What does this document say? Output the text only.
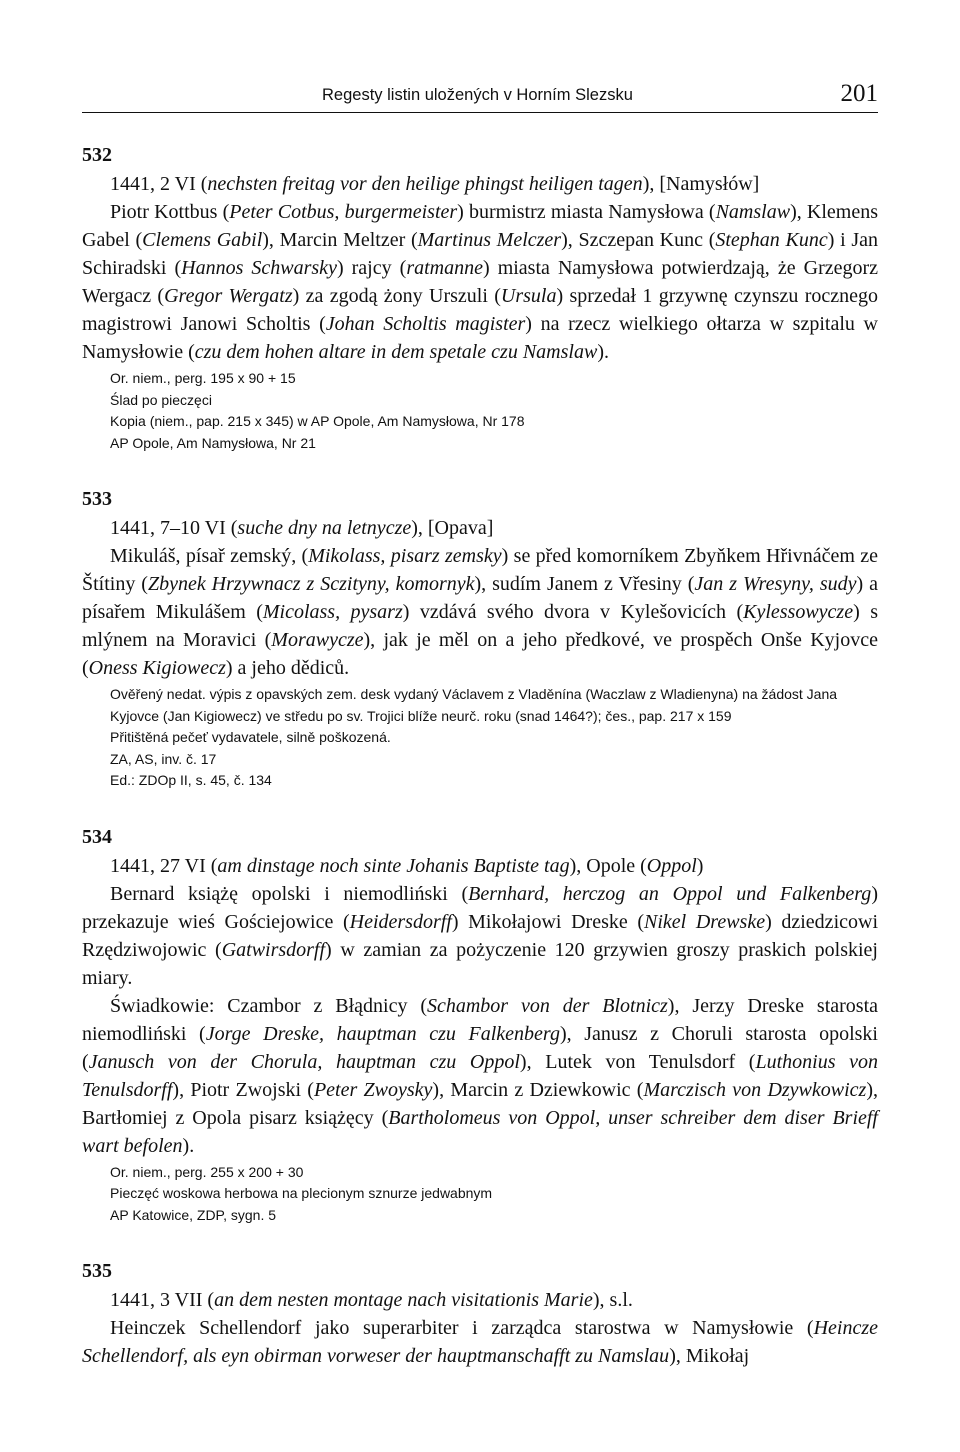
Regesty listin uložených v Horním Slezsku	201
532
1441, 2 VI (nechsten freitag vor den heilige phingst heiligen tagen), [Namysłów]

Piotr Kottbus (Peter Cotbus, burgermeister) burmistrz miasta Namysłowa (Namslaw), Klemens Gabel (Clemens Gabil), Marcin Meltzer (Martinus Melczer), Szczepan Kunc (Stephan Kunc) i Jan Schiradski (Hannos Schwarsky) rajcy (ratmanne) miasta Namysłowa potwierdzają, że Grzegorz Wergacz (Gregor Wergatz) za zgodą żony Urszuli (Ursula) sprzedał 1 grzywnę czynszu rocznego magistrowi Janowi Scholtis (Johan Scholtis magister) na rzecz wielkiego ołtarza w szpitalu w Namysłowie (czu dem hohen altare in dem spetale czu Namslaw).

Or. niem., perg. 195 x 90 + 15
Ślad po pieczęci
Kopia (niem., pap. 215 x 345) w AP Opole, Am Namysłowa, Nr 178
AP Opole, Am Namysłowa, Nr 21
533
1441, 7–10 VI (suche dny na letnycze), [Opava]

Mikuláš, písař zemský, (Mikolass, pisarz zemsky) se před komorníkem Zbyňkem Hřivnáčem ze Štítiny (Zbynek Hrzywnacz z Sczityny, komornyk), sudím Janem z Vřesiny (Jan z Wresyny, sudy) a písařem Mikulášem (Micolass, pysarz) vzdává svého dvora v Kylešovicích (Kylessowycze) s mlýnem na Moravici (Morawycze), jak je měl on a jeho předkové, ve prospěch Onše Kyjovce (Oness Kigiowecz) a jeho dědiců.

Ověřený nedat. výpis z opavských zem. desk vydaný Václavem z Vladěnína (Waczlaw z Wladienyna) na žádost Jana Kyjovce (Jan Kigiowecz) ve středu po sv. Trojici blíže neurč. roku (snad 1464?); čes., pap. 217 x 159
Přitištěná pečeť vydavatele, silně poškozená.
ZA, AS, inv. č. 17
Ed.: ZDOp II, s. 45, č. 134
534
1441, 27 VI (am dinstage noch sinte Johanis Baptiste tag), Opole (Oppol)

Bernard książę opolski i niemodliński (Bernhard, herczog an Oppol und Falkenberg) przekazuje wieś Gościejowice (Heidersdorff) Mikołajowi Dreske (Nikel Drewske) dziedzicowi Rzędziwojowic (Gatwirsdorff) w zamian za pożyczenie 120 grzywien groszy praskich polskiej miary.

Świadkowie: Czambor z Błądnicy (Schambor von der Blotnicz), Jerzy Dreske starosta niemodliński (Jorge Dreske, hauptman czu Falkenberg), Janusz z Choruli starosta opolski (Janusch von der Chorula, hauptman czu Oppol), Lutek von Tenulsdorf (Luthonius von Tenulsdorff), Piotr Zwojski (Peter Zwoysky), Marcin z Dziewkowic (Marczisch von Dzywkowicz), Bartłomiej z Opola pisarz książęcy (Bartholomeus von Oppol, unser schreiber dem diser Brieff wart befolen).

Or. niem., perg. 255 x 200 + 30
Pieczęć woskowa herbowa na plecionym sznurze jedwabnym
AP Katowice, ZDP, sygn. 5
535
1441, 3 VII (an dem nesten montage nach visitationis Marie), s.l.

Heinczek Schellendorf jako superarbiter i zarządca starostwa w Namysłowie (Heincze Schellendorf, als eyn obirman vorweser der hauptmanschafft zu Namslau), Mikołaj
